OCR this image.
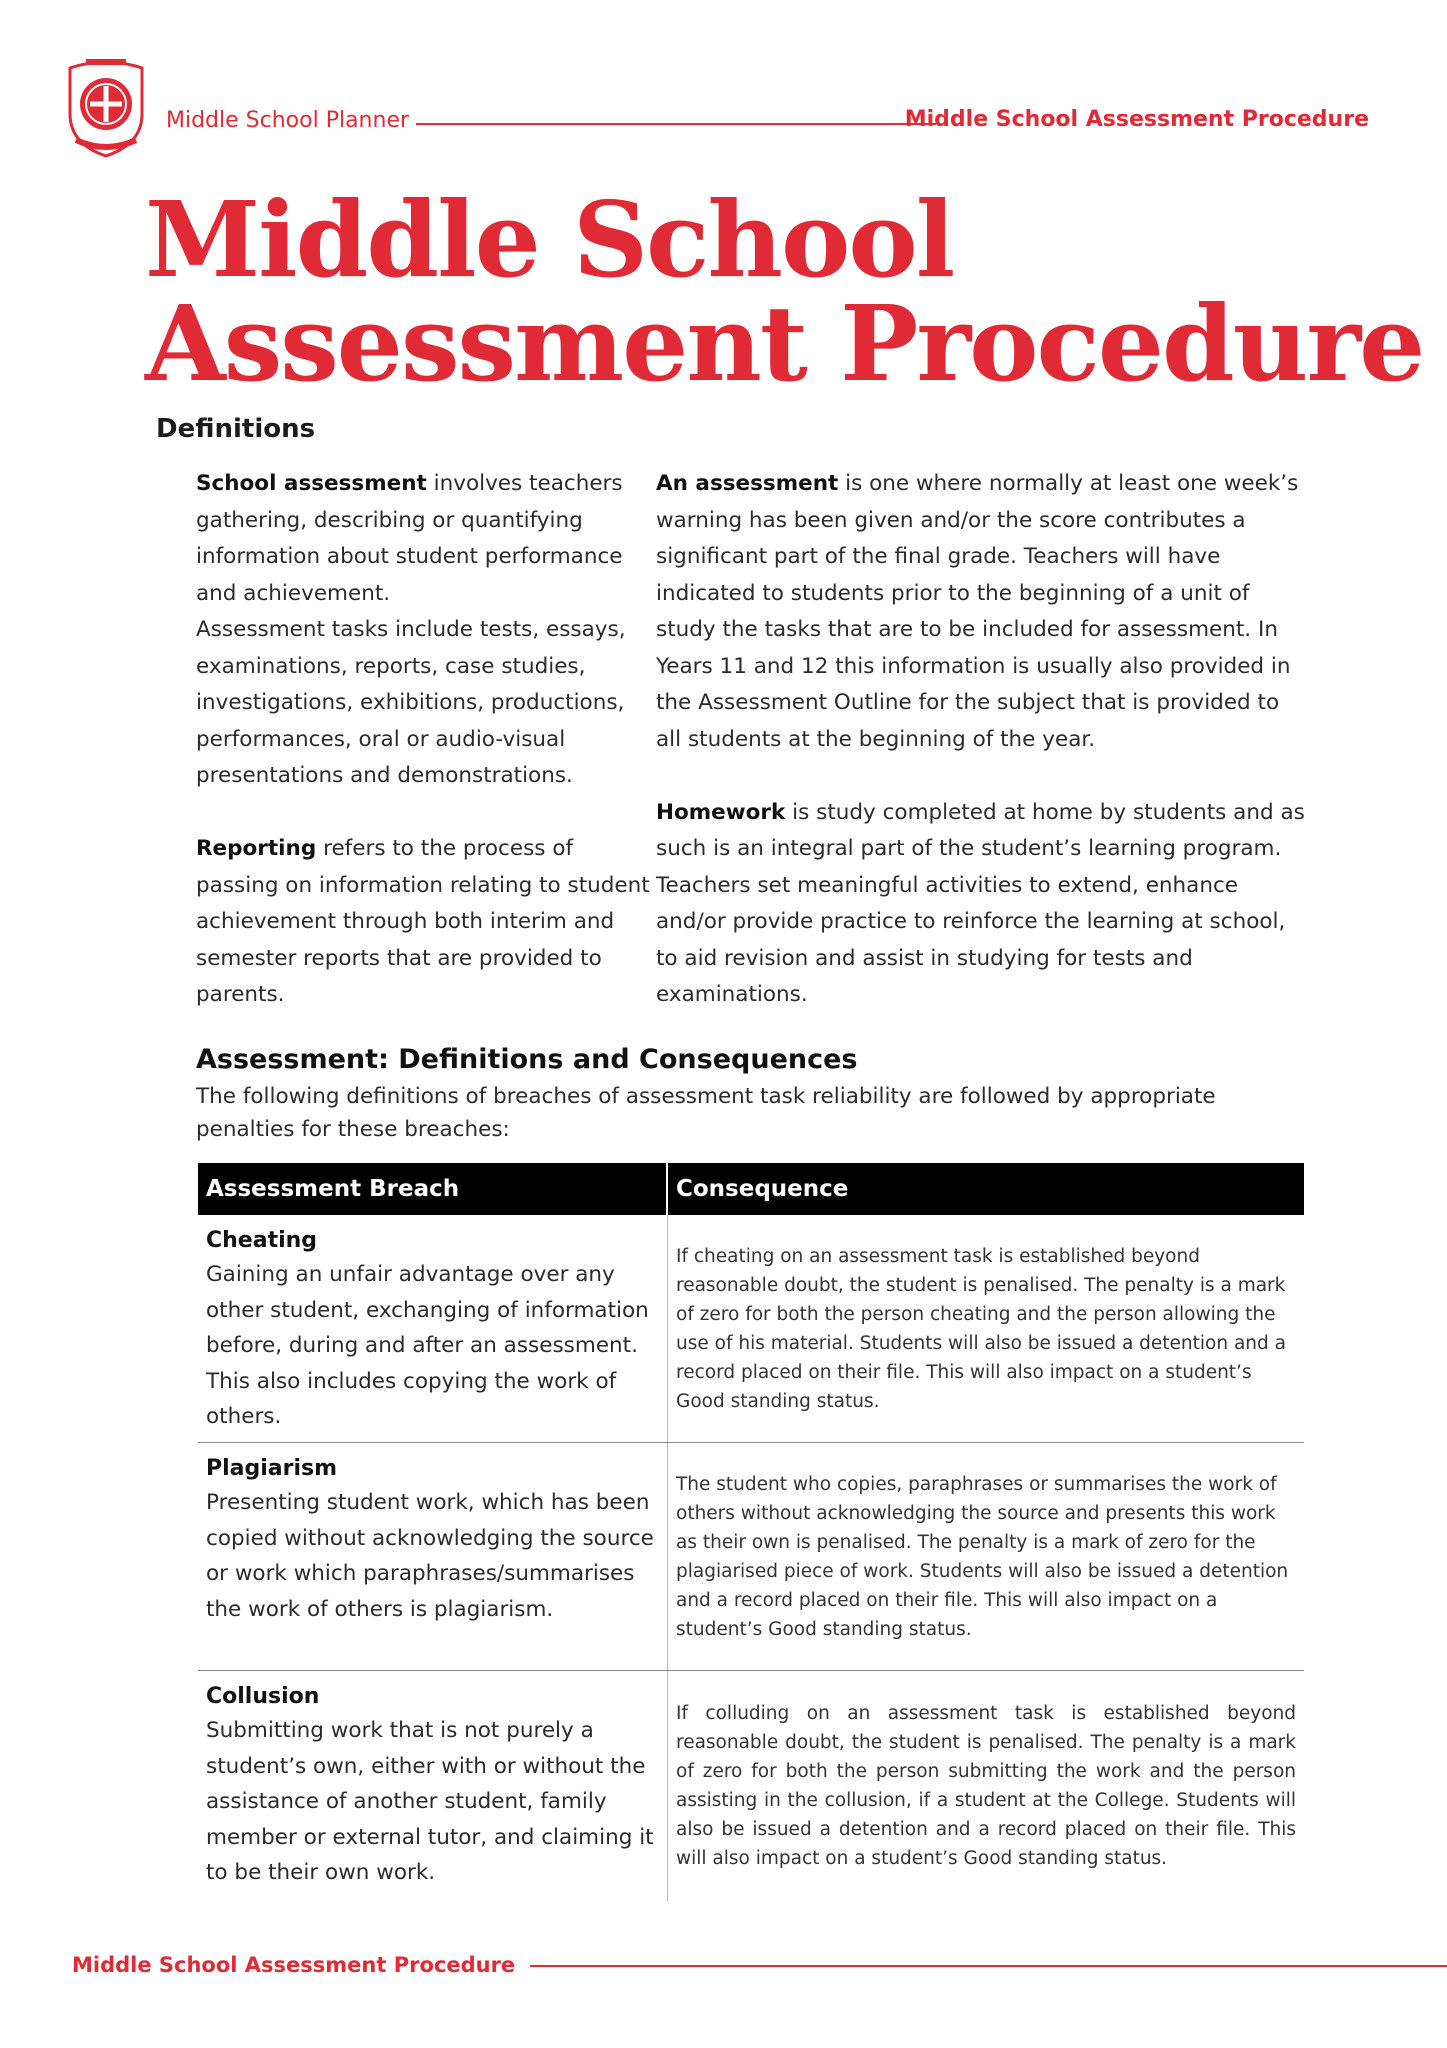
Middle School Planner	Middle School Assessment Procedure
Middle School
Assessment Procedure
Definitions

School assessment involves teachers gathering, describing or quantifying information about student performance and achievement.

Assessment tasks include tests, essays, examinations, reports, case studies, investigations, exhibitions, productions, performances, oral or audio-visual presentations and demonstrations.

Reporting refers to the process of passing on information relating to student achievement through both interim and semester reports that are provided to parents.

An assessment is one where normally at least one week’s warning has been given and/or the score contributes a significant part of the final grade. Teachers will have indicated to students prior to the beginning of a unit of study the tasks that are to be included for assessment. In Years 11 and 12 this information is usually also provided in the Assessment Outline for the subject that is provided to all students at the beginning of the year.

Homework is study completed at home by students and as such is an integral part of the student’s learning program. Teachers set meaningful activities to extend, enhance and/or provide practice to reinforce the learning at school, to aid revision and assist in studying for tests and examinations.

Assessment: Definitions and Consequences

The following definitions of breaches of assessment task reliability are followed by appropriate penalties for these breaches:

Assessment Breach	Consequence
Cheating
Gaining an unfair advantage over any other student, exchanging of information before, during and after an assessment. This also includes copying the work of others.
If cheating on an assessment task is established beyond reasonable doubt, the student is penalised. The penalty is a mark of zero for both the person cheating and the person allowing the use of his material. Students will also be issued a detention and a record placed on their file. This will also impact on a student’s Good standing status.
Plagiarism
Presenting student work, which has been copied without acknowledging the source or work which paraphrases/summarises the work of others is plagiarism.
The student who copies, paraphrases or summarises the work of others without acknowledging the source and presents this work as their own is penalised. The penalty is a mark of zero for the plagiarised piece of work. Students will also be issued a detention and a record placed on their file. This will also impact on a student’s Good standing status.
Collusion
Submitting work that is not purely a student’s own, either with or without the assistance of another student, family member or external tutor, and claiming it to be their own work.
If colluding on an assessment task is established beyond reasonable doubt, the student is penalised. The penalty is a mark of zero for both the person submitting the work and the person assisting in the collusion, if a student at the College. Students will also be issued a detention and a record placed on their file. This will also impact on a student’s Good standing status.
Middle School Assessment Procedure
